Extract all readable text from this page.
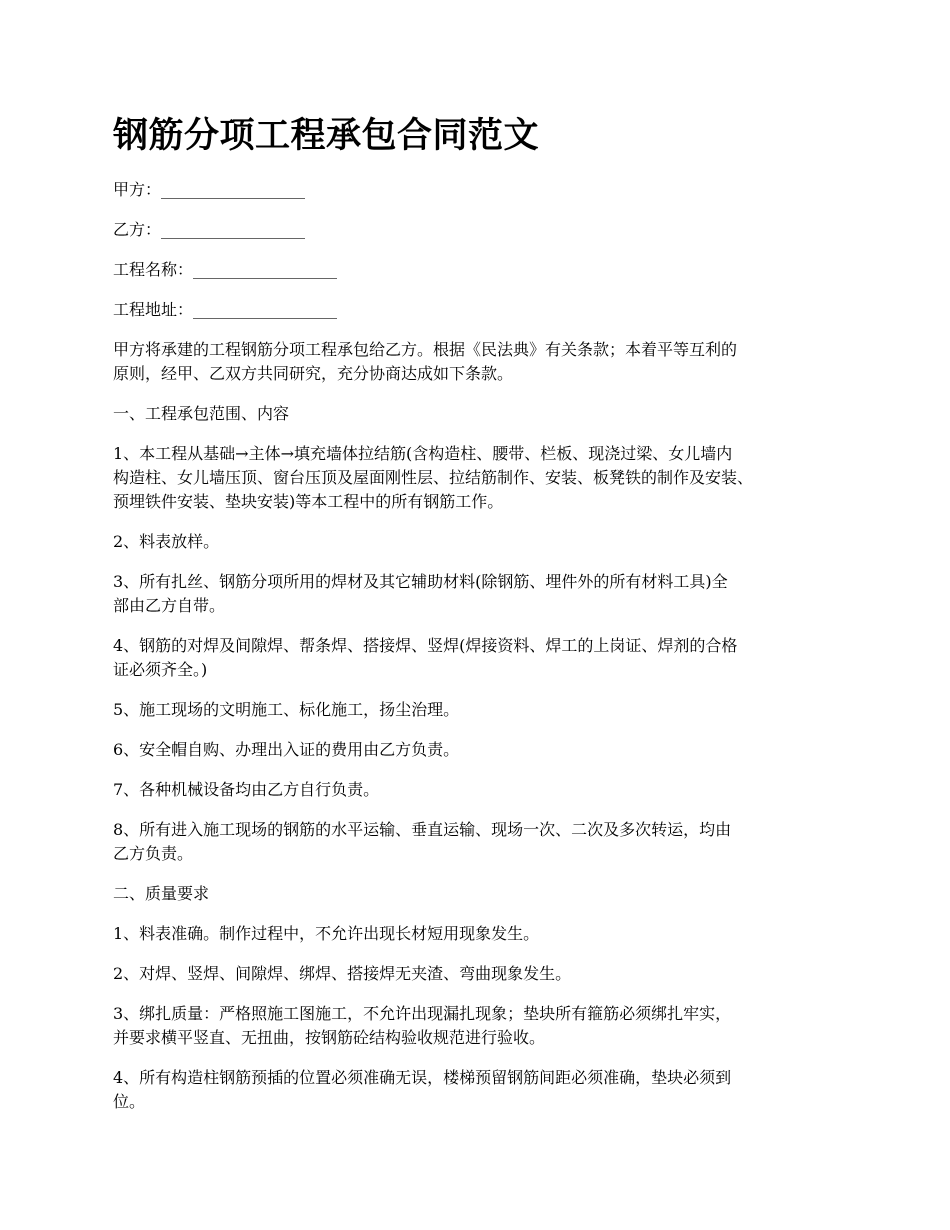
钢筋分项工程承包合同范文
甲方：__________________
乙方：__________________
工程名称：__________________
工程地址：__________________
甲方将承建的工程钢筋分项工程承包给乙方。根据《民法典》有关条款；本着平等互利的
原则，经甲、乙双方共同研究，充分协商达成如下条款。
一、工程承包范围、内容
1、本工程从基础→主体→填充墙体拉结筋(含构造柱、腰带、栏板、现浇过梁、女儿墙内
构造柱、女儿墙压顶、窗台压顶及屋面刚性层、拉结筋制作、安装、板凳铁的制作及安装、
预埋铁件安装、垫块安装)等本工程中的所有钢筋工作。
2、料表放样。
3、所有扎丝、钢筋分项所用的焊材及其它辅助材料(除钢筋、埋件外的所有材料工具)全
部由乙方自带。
4、钢筋的对焊及间隙焊、帮条焊、搭接焊、竖焊(焊接资料、焊工的上岗证、焊剂的合格
证必须齐全。)
5、施工现场的文明施工、标化施工，扬尘治理。
6、安全帽自购、办理出入证的费用由乙方负责。
7、各种机械设备均由乙方自行负责。
8、所有进入施工现场的钢筋的水平运输、垂直运输、现场一次、二次及多次转运，均由
乙方负责。
二、质量要求
1、料表准确。制作过程中，不允许出现长材短用现象发生。
2、对焊、竖焊、间隙焊、绑焊、搭接焊无夹渣、弯曲现象发生。
3、绑扎质量：严格照施工图施工，不允许出现漏扎现象；垫块所有箍筋必须绑扎牢实，
并要求横平竖直、无扭曲，按钢筋砼结构验收规范进行验收。
4、所有构造柱钢筋预插的位置必须准确无误，楼梯预留钢筋间距必须准确，垫块必须到
位。
